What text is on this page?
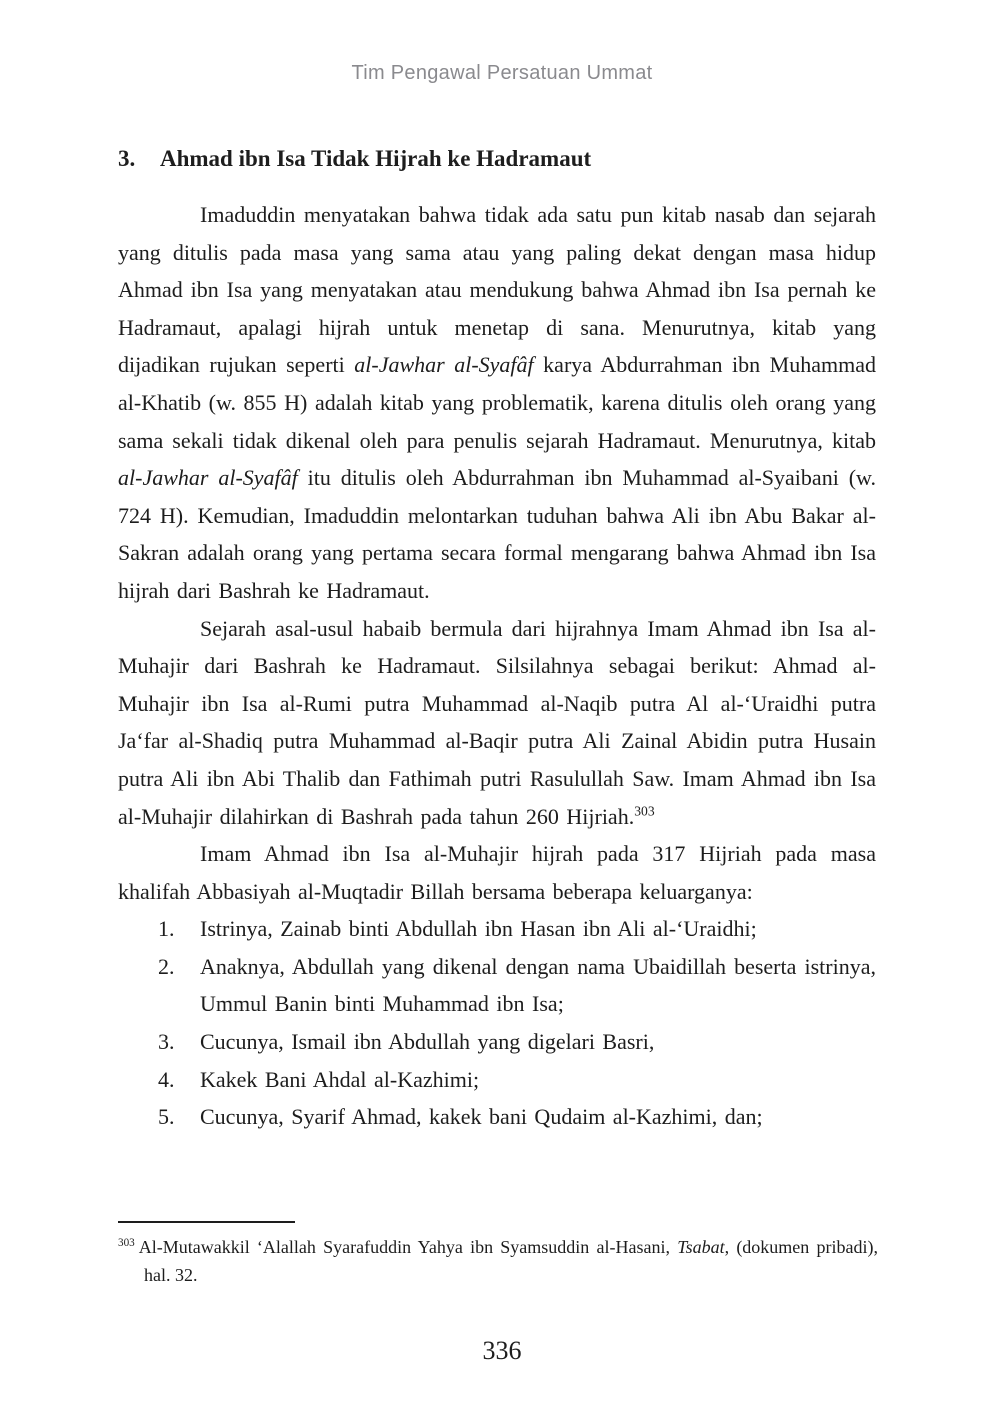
Tim Pengawal Persatuan Ummat
3.	Ahmad ibn Isa Tidak Hijrah ke Hadramaut

Imaduddin menyatakan bahwa tidak ada satu pun kitab nasab dan sejarah yang ditulis pada masa yang sama atau yang paling dekat dengan masa hidup Ahmad ibn Isa yang menyatakan atau mendukung bahwa Ahmad ibn Isa pernah ke Hadramaut, apalagi hijrah untuk menetap di sana. Menurutnya, kitab yang dijadikan rujukan seperti al-Jawhar al-Syafâf karya Abdurrahman ibn Muhammad al-Khatib (w. 855 H) adalah kitab yang problematik, karena ditulis oleh orang yang sama sekali tidak dikenal oleh para penulis sejarah Hadramaut. Menurutnya, kitab al-Jawhar al-Syafâf itu ditulis oleh Abdurrahman ibn Muhammad al-Syaibani (w. 724 H). Kemudian, Imaduddin melontarkan tuduhan bahwa Ali ibn Abu Bakar al-Sakran adalah orang yang pertama secara formal mengarang bahwa Ahmad ibn Isa hijrah dari Bashrah ke Hadramaut.

Sejarah asal-usul habaib bermula dari hijrahnya Imam Ahmad ibn Isa al-Muhajir dari Bashrah ke Hadramaut. Silsilahnya sebagai berikut: Ahmad al-Muhajir ibn Isa al-Rumi putra Muhammad al-Naqib putra Al al-‘Uraidhi putra Ja‘far al-Shadiq putra Muhammad al-Baqir putra Ali Zainal Abidin putra Husain putra Ali ibn Abi Thalib dan Fathimah putri Rasulullah Saw. Imam Ahmad ibn Isa al-Muhajir dilahirkan di Bashrah pada tahun 260 Hijriah.$^{303}$

Imam Ahmad ibn Isa al-Muhajir hijrah pada 317 Hijriah pada masa khalifah Abbasiyah al-Muqtadir Billah bersama beberapa keluarganya:

1.	Istrinya, Zainab binti Abdullah ibn Hasan ibn Ali al-‘Uraidhi;
2.	Anaknya, Abdullah yang dikenal dengan nama Ubaidillah beserta istrinya, Ummul Banin binti Muhammad ibn Isa;
3.	Cucunya, Ismail ibn Abdullah yang digelari Basri,
4.	Kakek Bani Ahdal al-Kazhimi;
5.	Cucunya, Syarif Ahmad, kakek bani Qudaim al-Kazhimi, dan;
$^{303}$ Al-Mutawakkil ‘Alallah Syarafuddin Yahya ibn Syamsuddin al-Hasani, Tsabat, (dokumen pribadi), hal. 32.
336
